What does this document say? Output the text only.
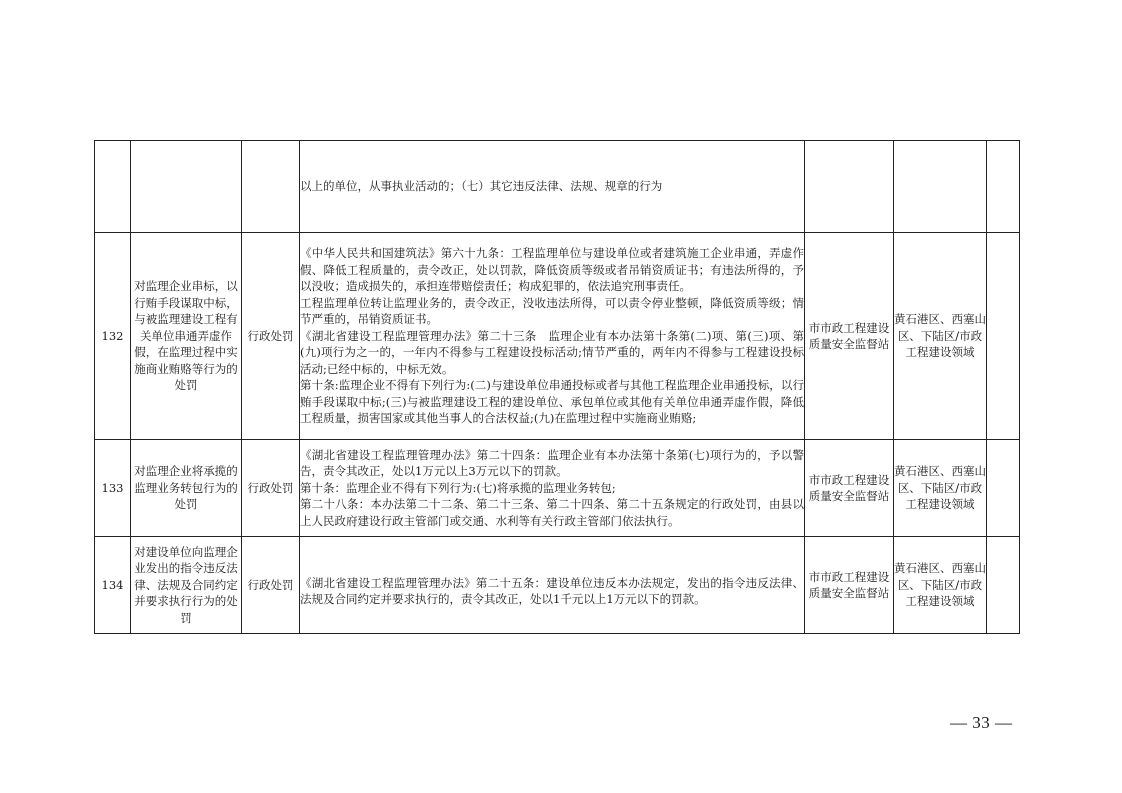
			以上的单位，从事执业活动的；（七）其它违反法律、法规、规章的行为			

132	对监理企业串标，以行贿手段谋取中标，与被监理建设工程有关单位串通弄虚作假，在监理过程中实施商业贿赂等行为的处罚	行政处罚	《中华人民共和国建筑法》第六十九条：工程监理单位与建设单位或者建筑施工企业串通，弄虚作假、降低工程质量的，责令改正，处以罚款，降低资质等级或者吊销资质证书；有违法所得的，予以没收；造成损失的，承担连带赔偿责任；构成犯罪的，依法追究刑事责任。
工程监理单位转让监理业务的，责令改正，没收违法所得，可以责令停业整顿，降低资质等级；情节严重的，吊销资质证书。
《湖北省建设工程监理管理办法》第二十三条　监理企业有本办法第十条第(二)项、第(三)项、第(九)项行为之一的，一年内不得参与工程建设投标活动;情节严重的，两年内不得参与工程建设投标活动;已经中标的，中标无效。
第十条:监理企业不得有下列行为:(二)与建设单位串通投标或者与其他工程监理企业串通投标，以行贿手段谋取中标;(三)与被监理建设工程的建设单位、承包单位或其他有关单位串通弄虚作假，降低工程质量，损害国家或其他当事人的合法权益;(九)在监理过程中实施商业贿赂;	市市政工程建设质量安全监督站	黄石港区、西塞山区、下陆区/市政工程建设领域	
133	对监理企业将承揽的监理业务转包行为的处罚	行政处罚	《湖北省建设工程监理管理办法》第二十四条：监理企业有本办法第十条第(七)项行为的，予以警告，责令其改正，处以1万元以上3万元以下的罚款。
第十条：监理企业不得有下列行为:(七)将承揽的监理业务转包;
第二十八条：本办法第二十二条、第二十三条、第二十四条、第二十五条规定的行政处罚，由县以上人民政府建设行政主管部门或交通、水利等有关行政主管部门依法执行。	市市政工程建设质量安全监督站	黄石港区、西塞山区、下陆区/市政工程建设领域	
134	对建设单位向监理企业发出的指令违反法律、法规及合同约定并要求执行行为的处罚	行政处罚	《湖北省建设工程监理管理办法》第二十五条：建设单位违反本办法规定，发出的指令违反法律、法规及合同约定并要求执行的，责令其改正，处以1千元以上1万元以下的罚款。	市市政工程建设质量安全监督站	黄石港区、西塞山区、下陆区/市政工程建设领域	
— 33 —
